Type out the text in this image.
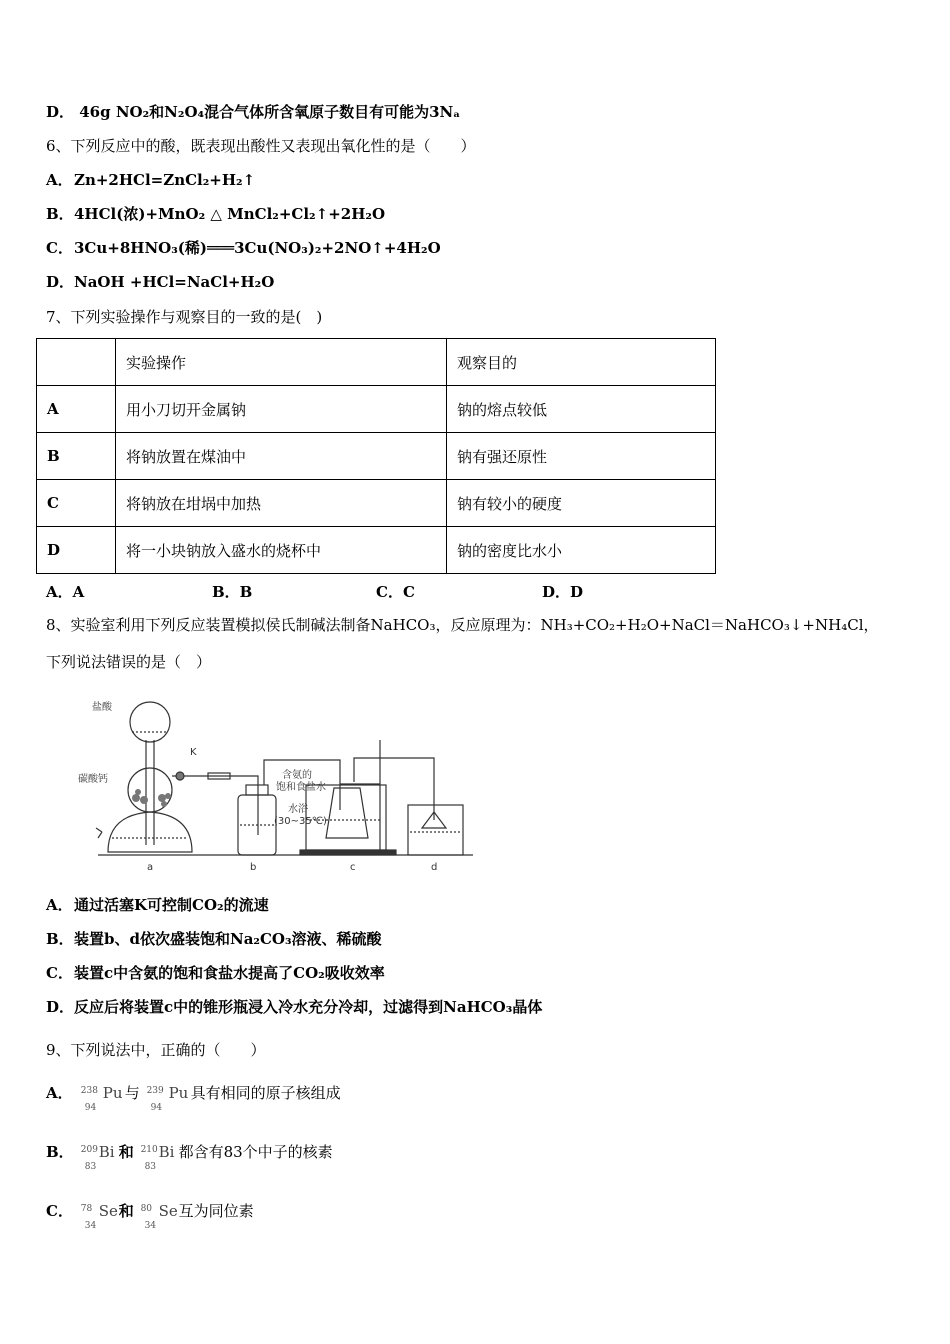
D． 46g NO₂和N₂O₄混合气体所含氧原子数目有可能为3Nₐ
6、下列反应中的酸，既表现出酸性又表现出氧化性的是（　　）
A．Zn+2HCl=ZnCl₂+H₂↑
B．4HCl(浓)+MnO₂ △ MnCl₂+Cl₂↑+2H₂O
C．3Cu+8HNO₃(稀)═══3Cu(NO₃)₂+2NO↑+4H₂O
D．NaOH +HCl=NaCl+H₂O
7、下列实验操作与观察目的一致的是(　)
	实验操作	观察目的
A	用小刀切开金属钠	钠的熔点较低
B	将钠放置在煤油中	钠有强还原性
C	将钠放在坩埚中加热	钠有较小的硬度
D	将一小块钠放入盛水的烧杯中	钠的密度比水小
A．A	B．B	C．C	D．D
8、实验室利用下列反应装置模拟侯氏制碱法制备NaHCO₃，反应原理为：NH₃+CO₂+H₂O+NaCl＝NaHCO₃↓+NH₄Cl，
下列说法错误的是（　）
盐酸
K
碳酸钙	含氨的
饱和食盐水
水浴
(30~35℃)
a	b	c	d
A．通过活塞K可控制CO₂的流速
B．装置b、d依次盛装饱和Na₂CO₃溶液、稀硫酸
C．装置c中含氨的饱和食盐水提高了CO₂吸收效率
D．反应后将装置c中的锥形瓶浸入冷水充分冷却，过滤得到NaHCO₃晶体
9、下列说法中，正确的（　　）
A． 238
94
Pu 与 239
94
Pu 具有相同的原子核组成
B． 209
83
Bi 和 210
83
Bi 都含有83个中子的核素
C． 78
34
Se 和 80
34
Se 互为同位素
